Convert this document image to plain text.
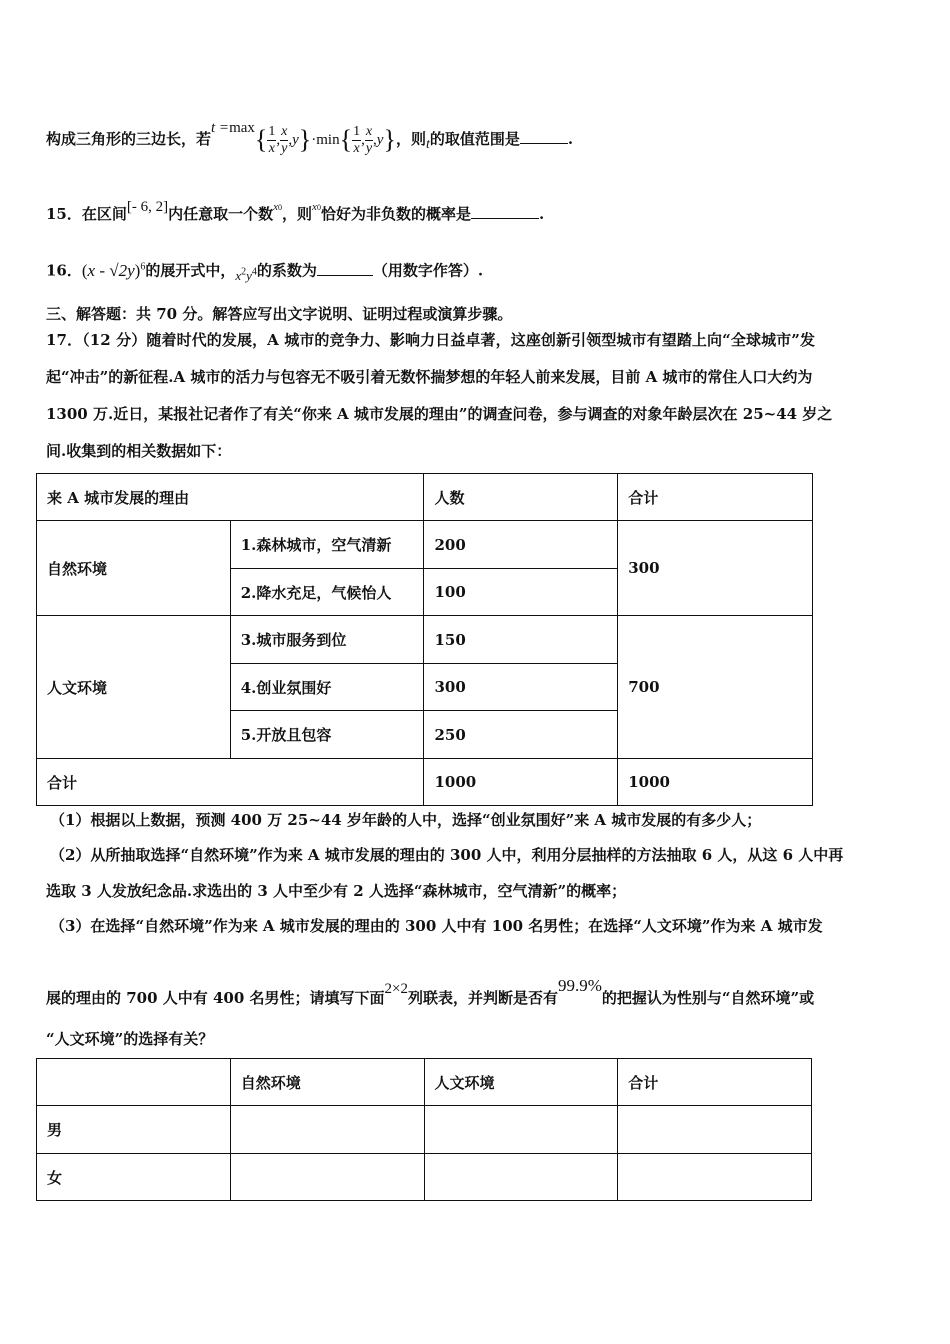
构成三角形的三边长，若$t =\max\{ \frac{1}{x}$ , $\frac{x}{y} ,y\}\cdot\min\{ \frac{1}{x}$ , $\frac{x}{y} ,y$}，则t的取值范围是	.
15．在区间[- 6, 2]内任意取一个数$^{x0}$，则$^{x0}$恰好为非负数的概率是	.
16．(x - √2y)$^6$的展开式中，$x^2y^4$的系数为	（用数字作答）.
三、解答题：共 70 分。解答应写出文字说明、证明过程或演算步骤。
17．（12 分）随着时代的发展，A 城市的竞争力、影响力日益卓著，这座创新引领型城市有望踏上向“全球城市”发
起“冲击”的新征程.A 城市的活力与包容无不吸引着无数怀揣梦想的年轻人前来发展，目前 A 城市的常住人口大约为
1300 万.近日，某报社记者作了有关“你来 A 城市发展的理由”的调查问卷，参与调查的对象年龄层次在 25~44 岁之
间.收集到的相关数据如下：
来 A 城市发展的理由		人数	合计
自然环境	1.森林城市，空气清新	200	300
	2.降水充足，气候怡人	100	
人文环境	3.城市服务到位	150	700
	4.创业氛围好	300	
	5.开放且包容	250	
合计		1000	1000
（1）根据以上数据，预测 400 万 25~44 岁年龄的人中，选择“创业氛围好”来 A 城市发展的有多少人；
（2）从所抽取选择“自然环境”作为来 A 城市发展的理由的 300 人中，利用分层抽样的方法抽取 6 人，从这 6 人中再
选取 3 人发放纪念品.求选出的 3 人中至少有 2 人选择“森林城市，空气清新”的概率；
（3）在选择“自然环境”作为来 A 城市发展的理由的 300 人中有 100 名男性；在选择“人文环境”作为来 A 城市发
展的理由的 700 人中有 400 名男性；请填写下面2×2列联表，并判断是否有99.9%的把握认为性别与“自然环境”或
“人文环境”的选择有关？
	自然环境	人文环境	合计
男			
女			
